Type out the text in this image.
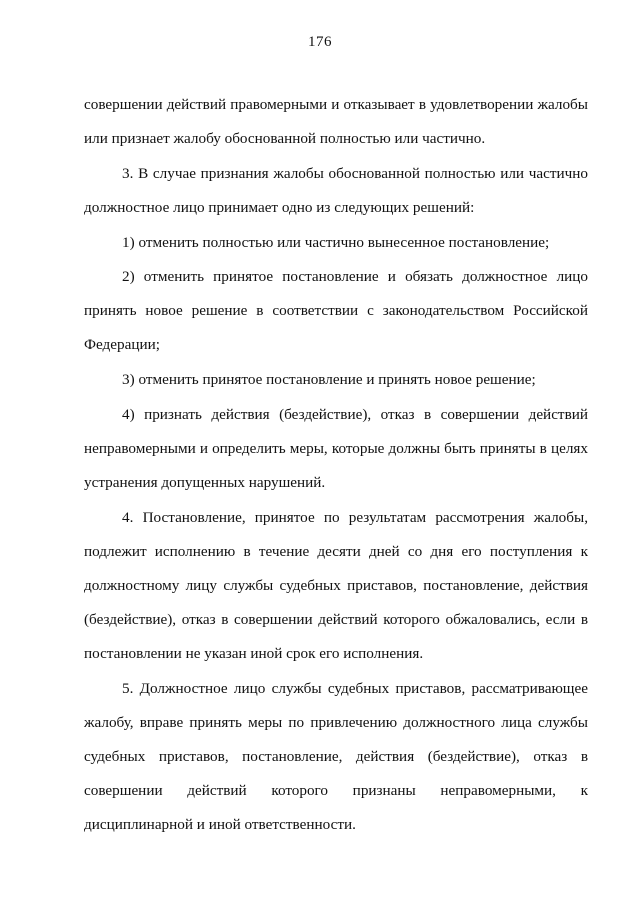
176
совершении действий правомерными и отказывает в удовлетворении жалобы
или признает жалобу обоснованной полностью или частично.
3. В случае признания жалобы обоснованной полностью или частично
должностное лицо принимает одно из следующих решений:
1) отменить полностью или частично вынесенное постановление;
2) отменить принятое постановление и обязать должностное лицо
принять новое решение в соответствии с законодательством Российской
Федерации;
3) отменить принятое постановление и принять новое решение;
4) признать действия (бездействие), отказ в совершении действий
неправомерными и определить меры, которые должны быть приняты в целях
устранения допущенных нарушений.
4. Постановление, принятое по результатам рассмотрения жалобы,
подлежит исполнению в течение десяти дней со дня его поступления к
должностному лицу службы судебных приставов, постановление, действия
(бездействие), отказ в совершении действий которого обжаловались, если в
постановлении не указан иной срок его исполнения.
5. Должностное лицо службы судебных приставов, рассматривающее
жалобу, вправе принять меры по привлечению должностного лица службы
судебных приставов, постановление, действия (бездействие), отказ в
совершении действий которого признаны неправомерными, к
дисциплинарной и иной ответственности.
